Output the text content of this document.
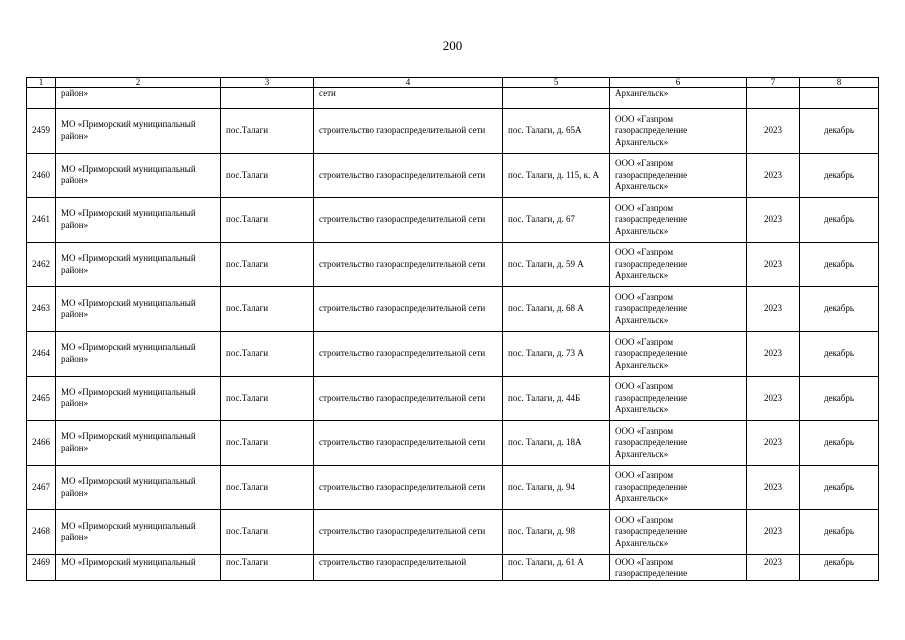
200
1	2	3	4	5	6	7	8
	район»		сети		Архангельск»		
2459	МО «Приморский муниципальный район»	пос.Талаги	строительство газораспределительной сети	пос. Талаги, д. 65А	ООО «Газпром газораспределение Архангельск»	2023	декабрь
2460	МО «Приморский муниципальный район»	пос.Талаги	строительство газораспределительной сети	пос. Талаги, д. 115, к. А	ООО «Газпром газораспределение Архангельск»	2023	декабрь
2461	МО «Приморский муниципальный район»	пос.Талаги	строительство газораспределительной сети	пос. Талаги, д. 67	ООО «Газпром газораспределение Архангельск»	2023	декабрь
2462	МО «Приморский муниципальный район»	пос.Талаги	строительство газораспределительной сети	пос. Талаги, д. 59 А	ООО «Газпром газораспределение Архангельск»	2023	декабрь
2463	МО «Приморский муниципальный район»	пос.Талаги	строительство газораспределительной сети	пос. Талаги, д. 68 А	ООО «Газпром газораспределение Архангельск»	2023	декабрь
2464	МО «Приморский муниципальный район»	пос.Талаги	строительство газораспределительной сети	пос. Талаги, д. 73 А	ООО «Газпром газораспределение Архангельск»	2023	декабрь
2465	МО «Приморский муниципальный район»	пос.Талаги	строительство газораспределительной сети	пос. Талаги, д. 44Б	ООО «Газпром газораспределение Архангельск»	2023	декабрь
2466	МО «Приморский муниципальный район»	пос.Талаги	строительство газораспределительной сети	пос. Талаги, д. 18А	ООО «Газпром газораспределение Архангельск»	2023	декабрь
2467	МО «Приморский муниципальный район»	пос.Талаги	строительство газораспределительной сети	пос. Талаги, д. 94	ООО «Газпром газораспределение Архангельск»	2023	декабрь
2468	МО «Приморский муниципальный район»	пос.Талаги	строительство газораспределительной сети	пос. Талаги, д. 98	ООО «Газпром газораспределение Архангельск»	2023	декабрь
2469	МО «Приморский муниципальный	пос.Талаги	строительство газораспределительной	пос. Талаги, д. 61 А	ООО «Газпром газораспределение	2023	декабрь
